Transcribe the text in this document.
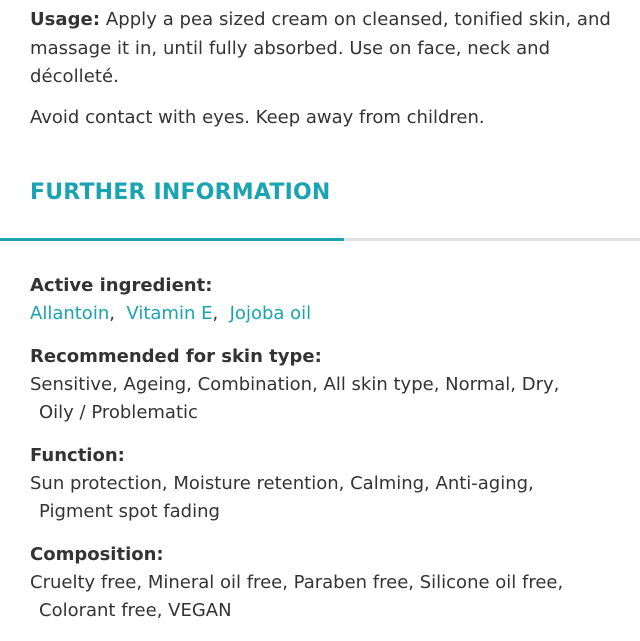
Usage: Apply a pea sized cream on cleansed, tonified skin, and
massage it in, until fully absorbed. Use on face, neck and
décolleté.

Avoid contact with eyes. Keep away from children.

FURTHER INFORMATION

Active ingredient:

Allantoin,  Vitamin E,  Jojoba oil

Recommended for skin type:

Sensitive, Ageing, Combination, All skin type, Normal, Dry,
Oily / Problematic

Function:

Sun protection, Moisture retention, Calming, Anti-aging,
Pigment spot fading

Composition:

Cruelty free, Mineral oil free, Paraben free, Silicone oil free,
Colorant free, VEGAN
